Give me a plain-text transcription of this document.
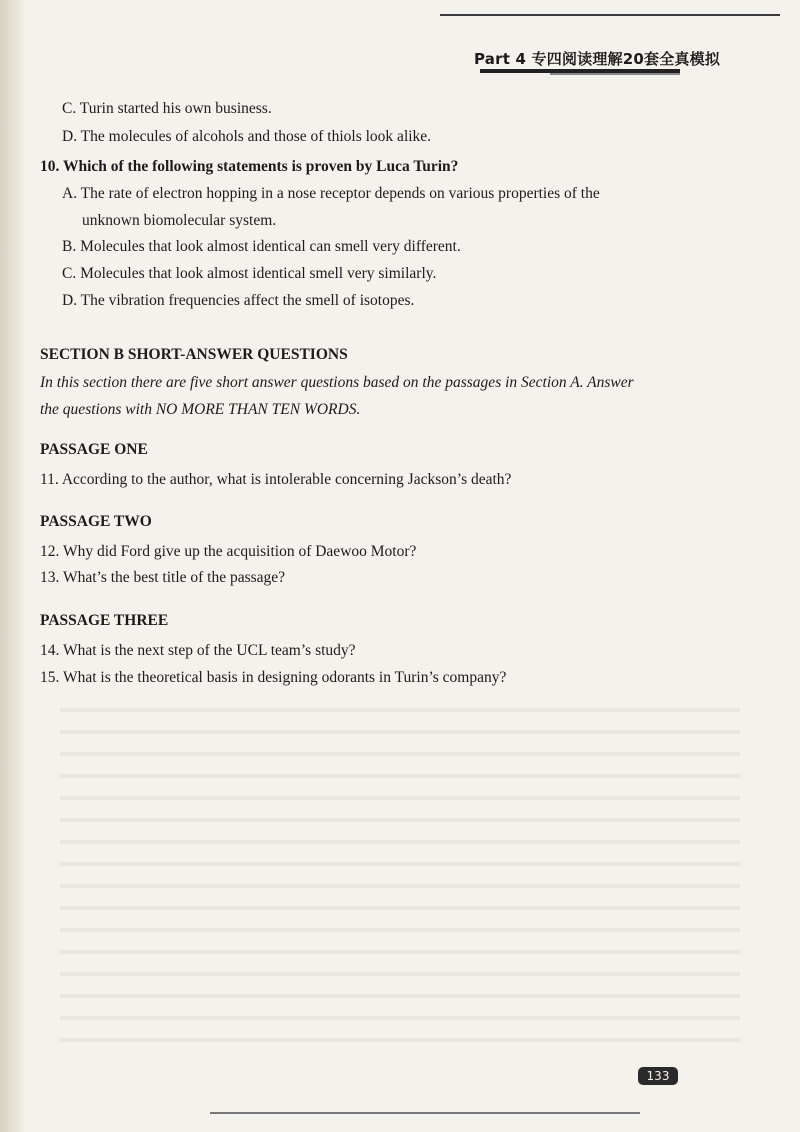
Part 4 专四阅读理解20套全真模拟
C. Turin started his own business.
D. The molecules of alcohols and those of thiols look alike.
10. Which of the following statements is proven by Luca Turin?
A. The rate of electron hopping in a nose receptor depends on various properties of the
unknown biomolecular system.
B. Molecules that look almost identical can smell very different.
C. Molecules that look almost identical smell very similarly.
D. The vibration frequencies affect the smell of isotopes.
SECTION B SHORT-ANSWER QUESTIONS
In this section there are five short answer questions based on the passages in Section A. Answer
the questions with NO MORE THAN TEN WORDS.
PASSAGE ONE
11. According to the author, what is intolerable concerning Jackson’s death?
PASSAGE TWO
12. Why did Ford give up the acquisition of Daewoo Motor?
13. What’s the best title of the passage?
PASSAGE THREE
14. What is the next step of the UCL team’s study?
15. What is the theoretical basis in designing odorants in Turin’s company?
133
